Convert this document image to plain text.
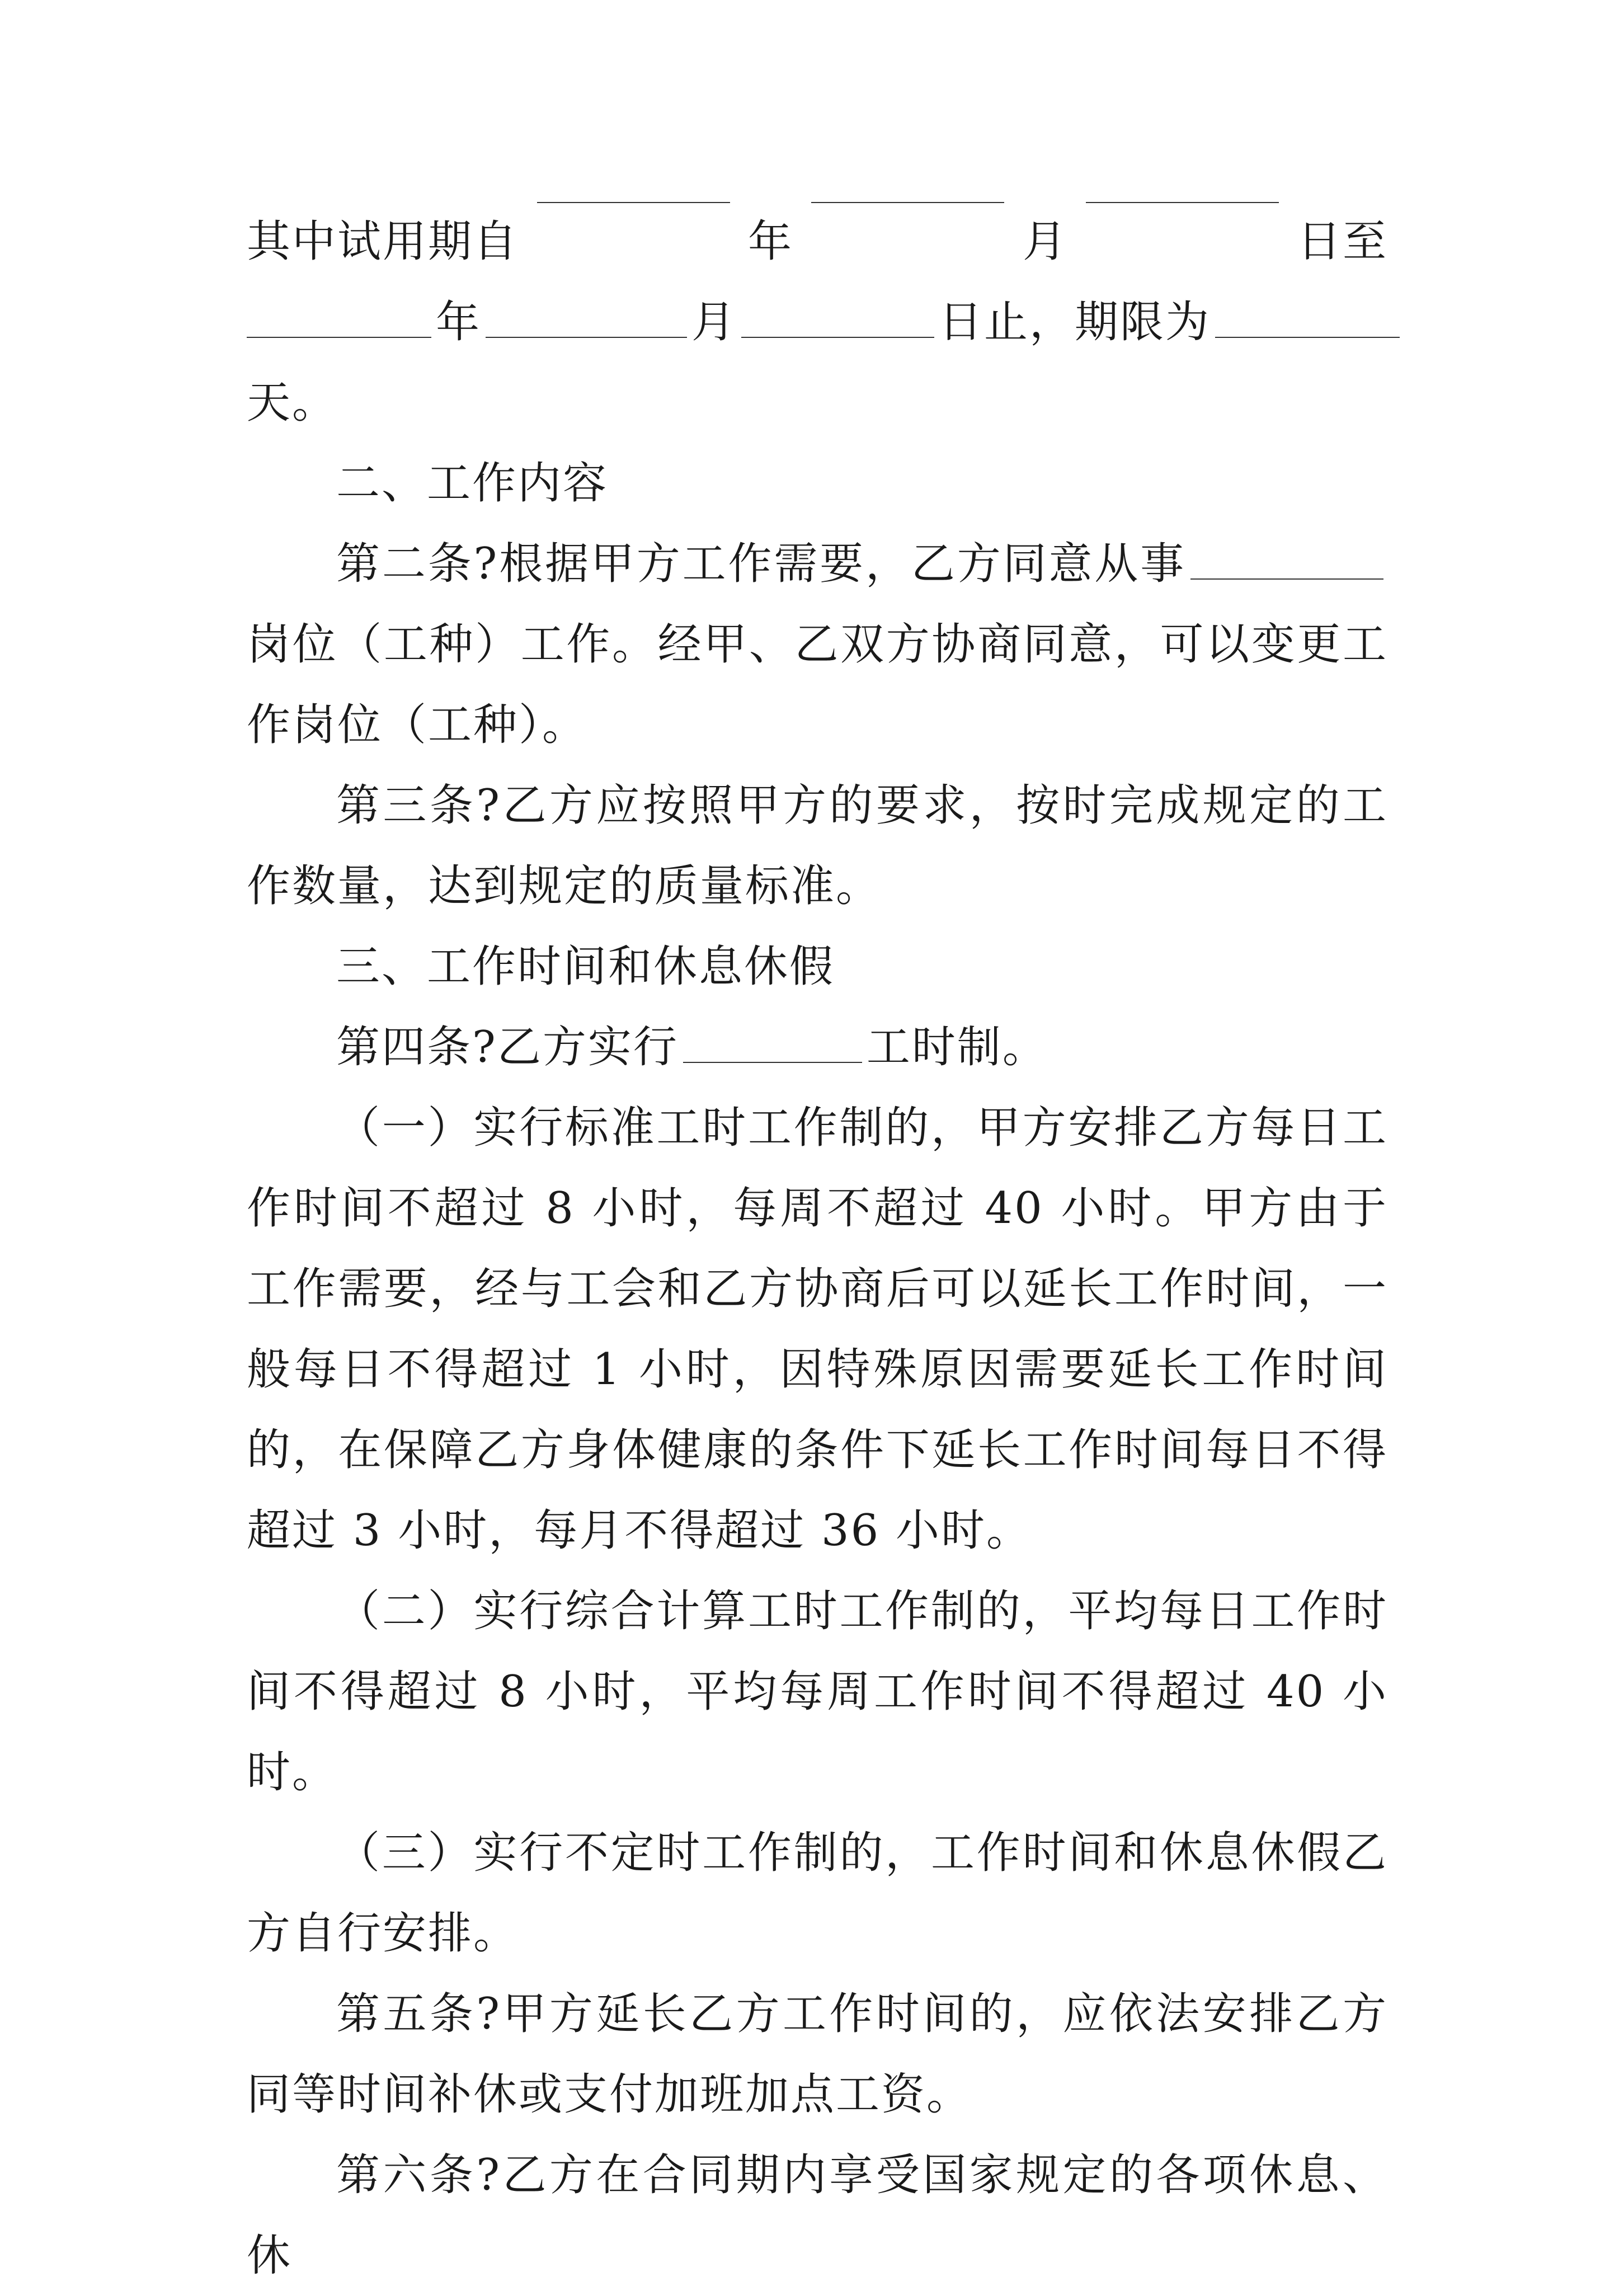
其中试用期自	年	月	日至

年	月	日止，期限为

天。

二、工作内容

第二条?根据甲方工作需要，乙方同意从事岗位（工种）工作。经甲、乙双方协商同意，可以变更工作岗位（工种）。

第三条?乙方应按照甲方的要求，按时完成规定的工作数量，达到规定的质量标准。

三、工作时间和休息休假

第四条?乙方实行	工时制。

（一）实行标准工时工作制的，甲方安排乙方每日工作时间不超过 8 小时，每周不超过 40 小时。甲方由于工作需要，经与工会和乙方协商后可以延长工作时间，一般每日不得超过 1 小时，因特殊原因需要延长工作时间的，在保障乙方身体健康的条件下延长工作时间每日不得超过 3 小时，每月不得超过 36 小时。

（二）实行综合计算工时工作制的，平均每日工作时间不得超过 8 小时，平均每周工作时间不得超过 40 小时。

（三）实行不定时工作制的，工作时间和休息休假乙方自行安排。

第五条?甲方延长乙方工作时间的，应依法安排乙方同等时间补休或支付加班加点工资。

第六条?乙方在合同期内享受国家规定的各项休息、休
